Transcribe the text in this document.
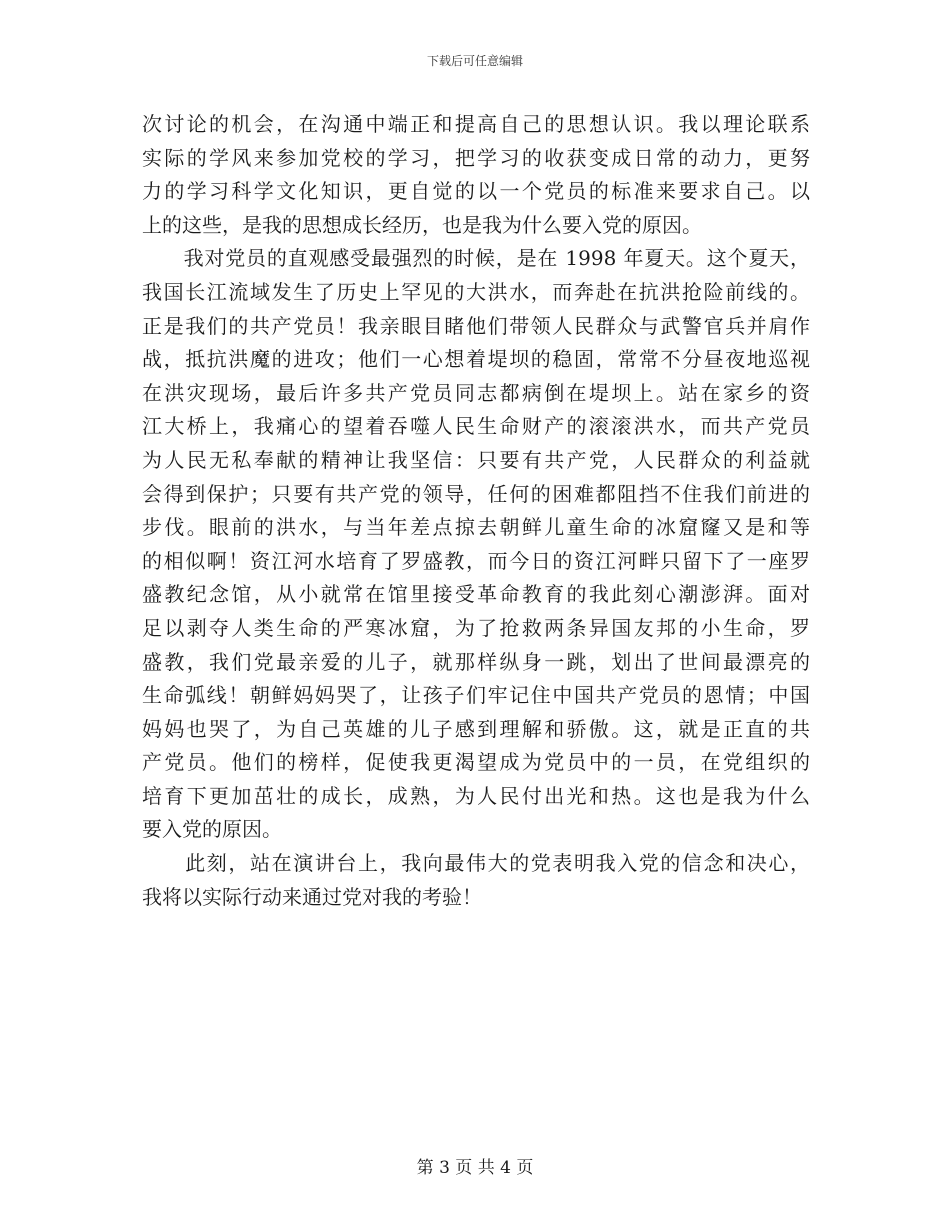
下载后可任意编辑
次讨论的机会，在沟通中端正和提高自己的思想认识。我以理论联系
实际的学风来参加党校的学习，把学习的收获变成日常的动力，更努
力的学习科学文化知识，更自觉的以一个党员的标准来要求自己。以
上的这些，是我的思想成长经历，也是我为什么要入党的原因。
　　我对党员的直观感受最强烈的时候，是在 1998 年夏天。这个夏天，
我国长江流域发生了历史上罕见的大洪水，而奔赴在抗洪抢险前线的。
正是我们的共产党员！我亲眼目睹他们带领人民群众与武警官兵并肩作
战，抵抗洪魔的进攻；他们一心想着堤坝的稳固，常常不分昼夜地巡视
在洪灾现场，最后许多共产党员同志都病倒在堤坝上。站在家乡的资
江大桥上，我痛心的望着吞噬人民生命财产的滚滚洪水，而共产党员
为人民无私奉献的精神让我坚信：只要有共产党，人民群众的利益就
会得到保护；只要有共产党的领导，任何的困难都阻挡不住我们前进的
步伐。眼前的洪水，与当年差点掠去朝鲜儿童生命的冰窟窿又是和等
的相似啊！资江河水培育了罗盛教，而今日的资江河畔只留下了一座罗
盛教纪念馆，从小就常在馆里接受革命教育的我此刻心潮澎湃。面对
足以剥夺人类生命的严寒冰窟，为了抢救两条异国友邦的小生命，罗
盛教，我们党最亲爱的儿子，就那样纵身一跳，划出了世间最漂亮的
生命弧线！朝鲜妈妈哭了，让孩子们牢记住中国共产党员的恩情；中国
妈妈也哭了，为自己英雄的儿子感到理解和骄傲。这，就是正直的共
产党员。他们的榜样，促使我更渴望成为党员中的一员，在党组织的
培育下更加茁壮的成长，成熟，为人民付出光和热。这也是我为什么
要入党的原因。
　　此刻，站在演讲台上，我向最伟大的党表明我入党的信念和决心，
我将以实际行动来通过党对我的考验！
第 3 页 共 4 页
